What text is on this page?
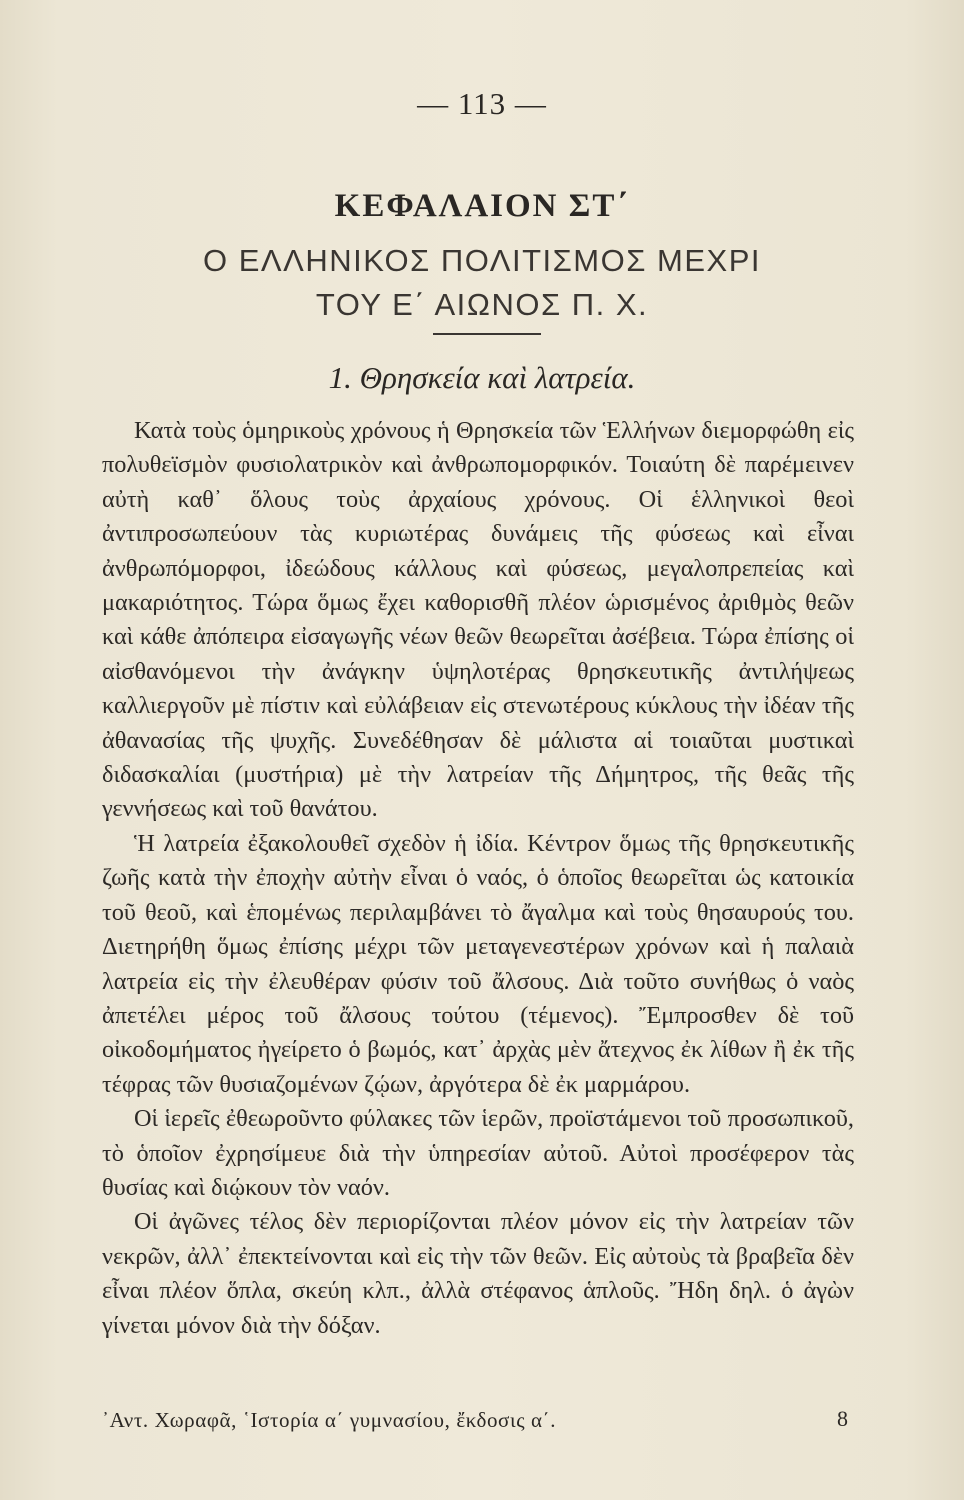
— 113 —
ΚΕΦΑΛΑΙΟΝ ΣΤ΄
Ο ΕΛΛΗΝΙΚΟΣ ΠΟΛΙΤΙΣΜΟΣ ΜΕΧΡΙ
ΤΟΥ Ε΄ ΑΙΩΝΟΣ Π. Χ.
1. Θρησκεία καὶ λατρεία.

Κατὰ τοὺς ὁμηρικοὺς χρόνους ἡ Θρησκεία τῶν Ἑλλήνων διεμορφώθη εἰς πολυθεϊσμὸν φυσιολατρικὸν καὶ ἀνθρωπομορφικόν. Τοιαύτη δὲ παρέμεινεν αὐτὴ καθ᾽ ὅλους τοὺς ἀρχαίους χρόνους. Οἱ ἑλληνικοὶ θεοὶ ἀντιπροσωπεύουν τὰς κυριωτέρας δυνάμεις τῆς φύσεως καὶ εἶναι ἀνθρωπόμορφοι, ἰδεώδους κάλλους καὶ φύσεως, μεγαλοπρεπείας καὶ μακαριότητος. Τώρα ὅμως ἔχει καθορισθῆ πλέον ὡρισμένος ἀριθμὸς θεῶν καὶ κάθε ἀπόπειρα εἰσαγωγῆς νέων θεῶν θεωρεῖται ἀσέβεια. Τώρα ἐπίσης οἱ αἰσθανόμενοι τὴν ἀνάγκην ὑψηλοτέρας θρησκευτικῆς ἀντιλήψεως καλλιεργοῦν μὲ πίστιν καὶ εὐλάβειαν εἰς στενωτέρους κύκλους τὴν ἰδέαν τῆς ἀθανασίας τῆς ψυχῆς. Συνεδέθησαν δὲ μάλιστα αἱ τοιαῦται μυστικαὶ διδασκαλίαι (μυστήρια) μὲ τὴν λατρείαν τῆς Δήμητρος, τῆς θεᾶς τῆς γεννήσεως καὶ τοῦ θανάτου.

Ἡ λατρεία ἐξακολουθεῖ σχεδὸν ἡ ἰδία. Κέντρον ὅμως τῆς θρησκευτικῆς ζωῆς κατὰ τὴν ἐποχὴν αὐτὴν εἶναι ὁ ναός, ὁ ὁποῖος θεωρεῖται ὡς κατοικία τοῦ θεοῦ, καὶ ἑπομένως περιλαμβάνει τὸ ἄγαλμα καὶ τοὺς θησαυρούς του. Διετηρήθη ὅμως ἐπίσης μέχρι τῶν μεταγενεστέρων χρόνων καὶ ἡ παλαιὰ λατρεία εἰς τὴν ἐλευθέραν φύσιν τοῦ ἄλσους. Διὰ τοῦτο συνήθως ὁ ναὸς ἀπετέλει μέρος τοῦ ἄλσους τούτου (τέμενος). Ἔμπροσθεν δὲ τοῦ οἰκοδομήματος ἠγείρετο ὁ βωμός, κατ᾽ ἀρχὰς μὲν ἄτεχνος ἐκ λίθων ἢ ἐκ τῆς τέφρας τῶν θυσιαζομένων ζῴων, ἀργότερα δὲ ἐκ μαρμάρου.

Οἱ ἱερεῖς ἐθεωροῦντο φύλακες τῶν ἱερῶν, προϊστάμενοι τοῦ προσωπικοῦ, τὸ ὁποῖον ἐχρησίμευε διὰ τὴν ὑπηρεσίαν αὐτοῦ. Αὐτοὶ προσέφερον τὰς θυσίας καὶ διῴκουν τὸν ναόν.

Οἱ ἀγῶνες τέλος δὲν περιορίζονται πλέον μόνον εἰς τὴν λατρείαν τῶν νεκρῶν, ἀλλ᾽ ἐπεκτείνονται καὶ εἰς τὴν τῶν θεῶν. Εἰς αὐτοὺς τὰ βραβεῖα δὲν εἶναι πλέον ὅπλα, σκεύη κλπ., ἀλλὰ στέφανος ἁπλοῦς. Ἤδη δηλ. ὁ ἀγὼν γίνεται μόνον διὰ τὴν δόξαν.

᾽Αντ. Χωραφᾶ, ῾Ιστορία α΄ γυμνασίου, ἔκδοσις α΄.	8
